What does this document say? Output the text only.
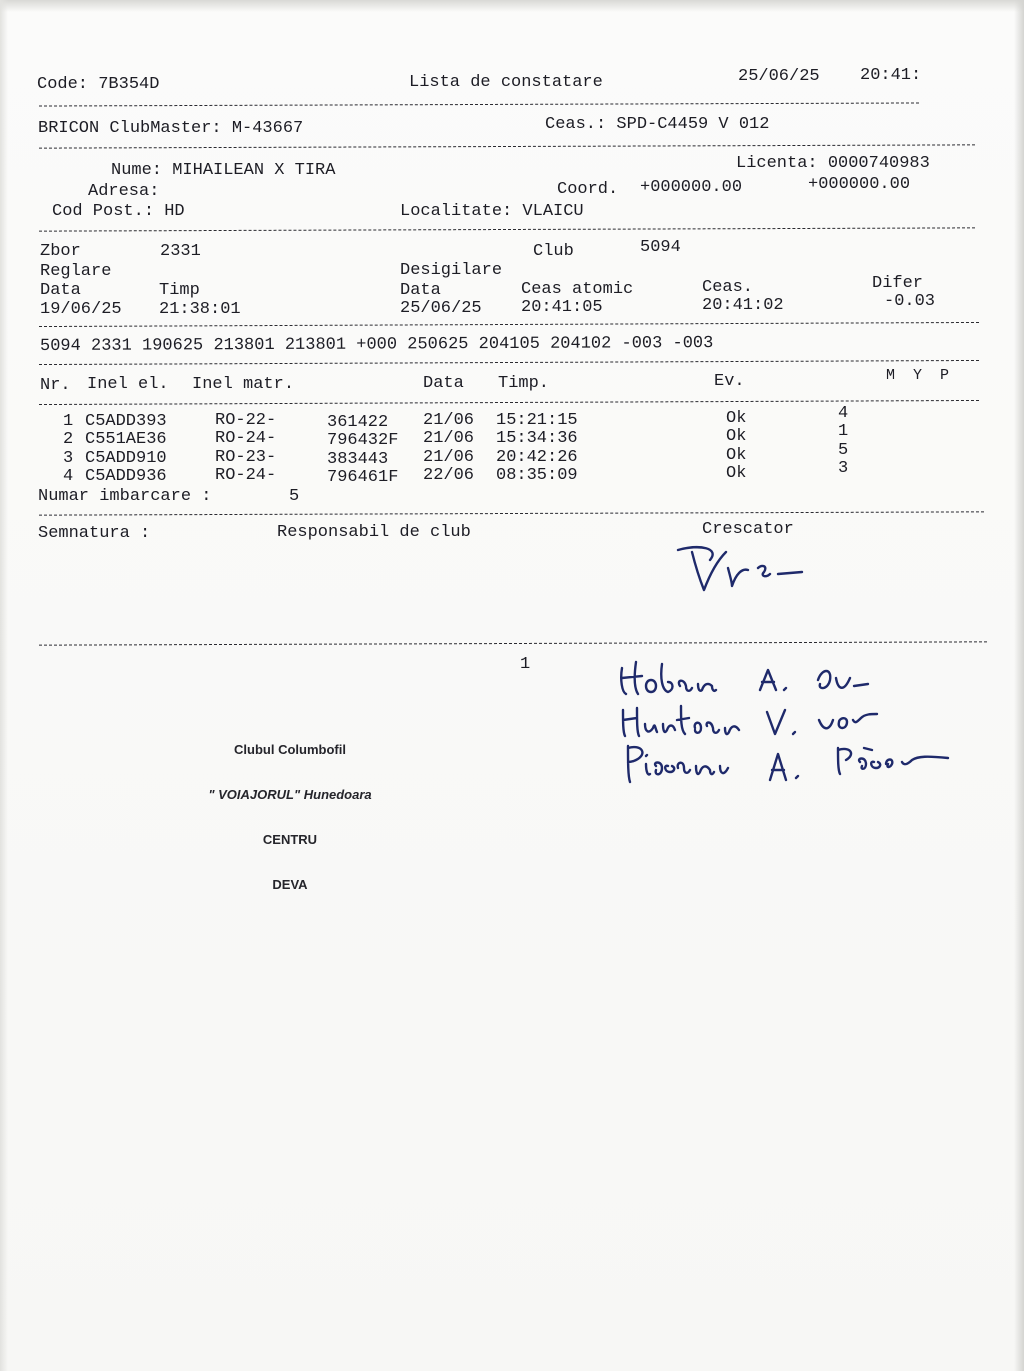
Code: 7B354D	Lista de constatare	25/06/25 20:41:
BRICON ClubMaster: M-43667	Ceas.: SPD-C4459 V 012
Nume: MIHAILEAN X TIRA	Licenta: 0000740983
Adresa:	Coord. +000000.00	+000000.00
Cod Post.: HD	Localitate: VLAICU
Zbor	2331	Club	5094
Reglare	Desigilare
Data	Timp	Data	Ceas atomic	Ceas.	Difer
19/06/25 21:38:01	25/06/25 20:41:05	20:41:02	-0.03
5094 2331 190625 213801 213801 +000 250625 204105 204102 -003 -003
Nr. Inel el. Inel matr.	Data Timp.	Ev.	M  Y  P
1 C5ADD393	RO-22-	361422 21/06 15:21:15	Ok	4
2 C551AE36	RO-24-	796432F 21/06 15:34:36	Ok	1
3 C5ADD910	RO-23-	383443 21/06 20:42:26	Ok	5
4 C5ADD936	RO-24-	796461F 22/06 08:35:09	Ok	3
Numar imbarcare :	5
Semnatura :	Responsabil de club	Crescator
1

Clubul Columbofil

" VOIAJORUL" Hunedoara

CENTRU

DEVA
